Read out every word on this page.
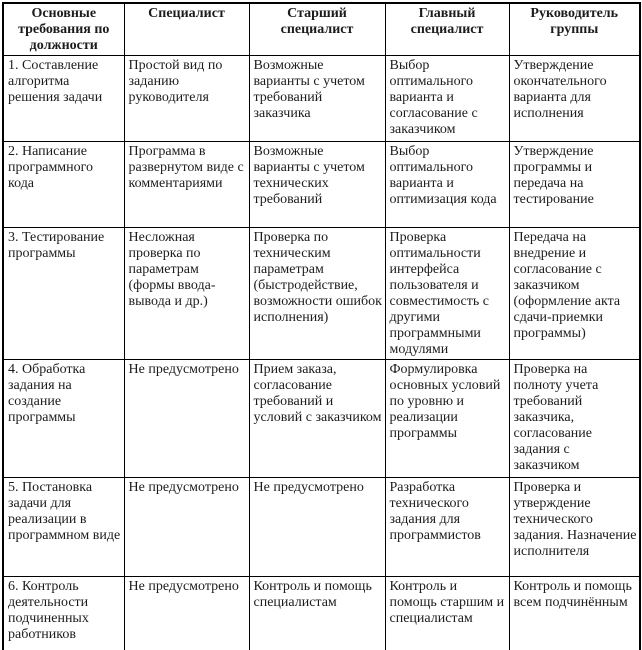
Основные требования по должности	Специалист	Старший специалист	Главный специалист	Руководитель группы
1. Составление алгоритма решения задачи	Простой вид по заданию руководителя	Возможные варианты с учетом требований заказчика	Выбор оптимального варианта и согласование с заказчиком	Утверждение окончательного варианта для исполнения
2. Написание программного кода	Программа в развернутом виде с комментариями	Возможные варианты с учетом технических требований	Выбор оптимального варианта и оптимизация кода	Утверждение программы и передача на тестирование
3. Тестирование программы	Несложная проверка по параметрам (формы ввода-вывода и др.)	Проверка по техническим параметрам (быстродействие, возможности ошибок исполнения)	Проверка оптимальности интерфейса пользователя и совместимость с другими программными модулями	Передача на внедрение и согласование с заказчиком (оформление акта сдачи-приемки программы)
4. Обработка задания на создание программы	Не предусмотрено	Прием заказа, согласование требований и условий с заказчиком	Формулировка основных условий по уровню и реализации программы	Проверка на полноту учета требований заказчика, согласование задания с заказчиком
5. Постановка задачи для реализации в программном виде	Не предусмотрено	Не предусмотрено	Разработка технического задания для программистов	Проверка и утверждение технического задания. Назначение исполнителя
6. Контроль деятельности подчиненных работников	Не предусмотрено	Контроль и помощь специалистам	Контроль и помощь старшим и специалистам	Контроль и помощь всем подчинённым
